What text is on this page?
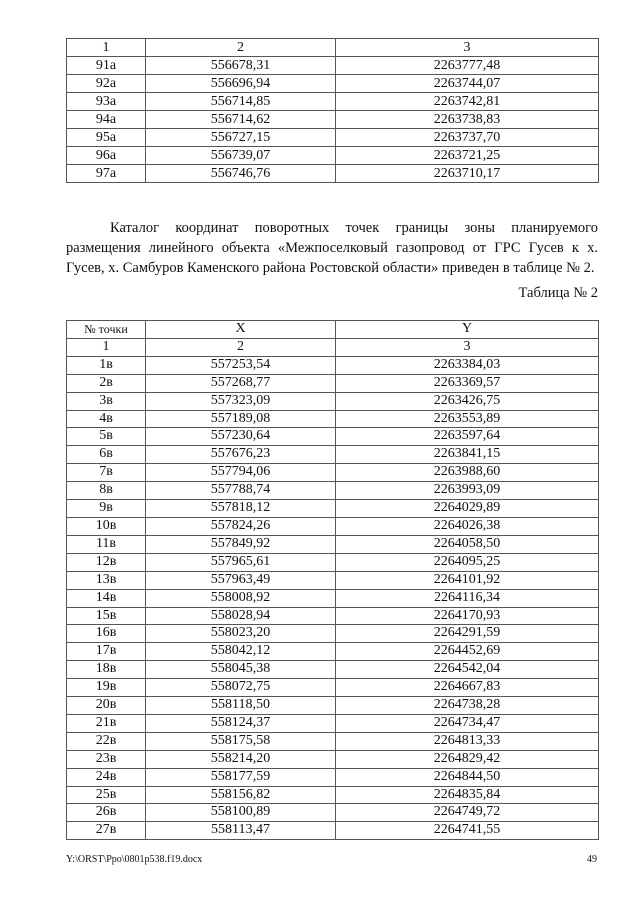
1	2	3
91а	556678,31	2263777,48
92а	556696,94	2263744,07
93а	556714,85	2263742,81
94а	556714,62	2263738,83
95а	556727,15	2263737,70
96а	556739,07	2263721,25
97а	556746,76	2263710,17

Каталог координат поворотных точек границы зоны планируемого размещения линейного объекта «Межпоселковый газопровод от ГРС Гусев к х. Гусев, х. Самбуров Каменского района Ростовской области» приведен в таблице № 2.

Таблица № 2
№ точки	X	Y
1	2	3
1в	557253,54	2263384,03
2в	557268,77	2263369,57
3в	557323,09	2263426,75
4в	557189,08	2263553,89
5в	557230,64	2263597,64
6в	557676,23	2263841,15
7в	557794,06	2263988,60
8в	557788,74	2263993,09
9в	557818,12	2264029,89
10в	557824,26	2264026,38
11в	557849,92	2264058,50
12в	557965,61	2264095,25
13в	557963,49	2264101,92
14в	558008,92	2264116,34
15в	558028,94	2264170,93
16в	558023,20	2264291,59
17в	558042,12	2264452,69
18в	558045,38	2264542,04
19в	558072,75	2264667,83
20в	558118,50	2264738,28
21в	558124,37	2264734,47
22в	558175,58	2264813,33
23в	558214,20	2264829,42
24в	558177,59	2264844,50
25в	558156,82	2264835,84
26в	558100,89	2264749,72
27в	558113,47	2264741,55
Y:\ORST\Ppo\0801p538.f19.docx	49
